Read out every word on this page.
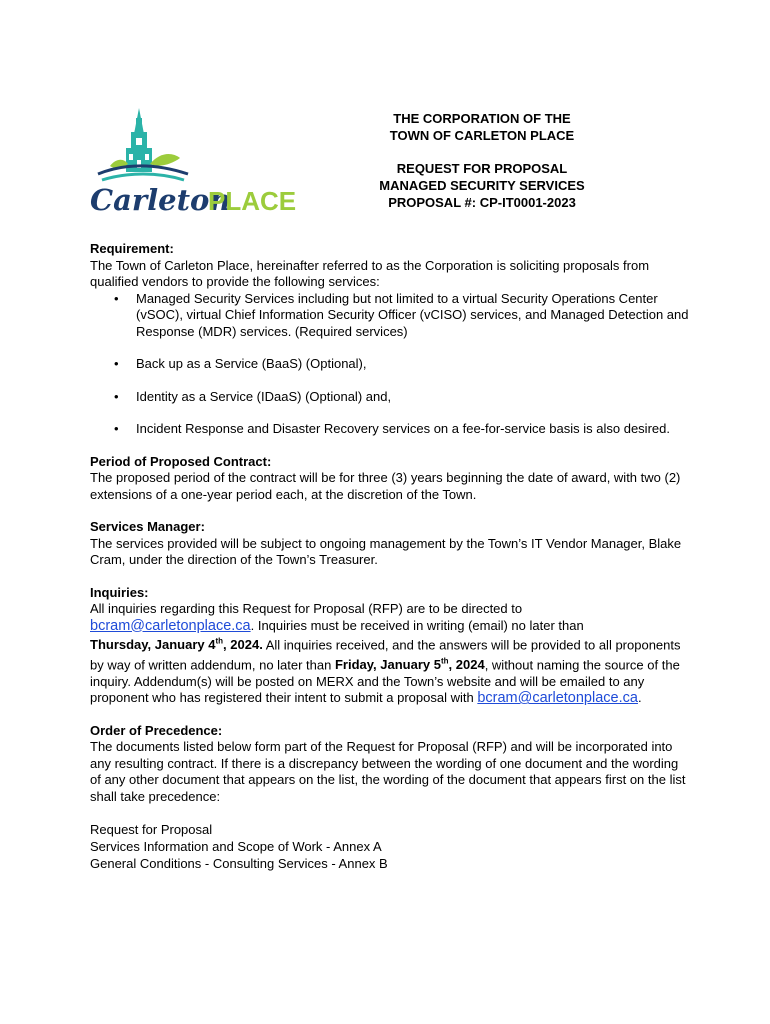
Carleton
PLACE
THE CORPORATION OF THE
TOWN OF CARLETON PLACE
REQUEST FOR PROPOSAL
MANAGED SECURITY SERVICES
PROPOSAL #: CP-IT0001-2023

Requirement:

The Town of Carleton Place, hereinafter referred to as the Corporation is soliciting proposals from qualified vendors to provide the following services:

• Managed Security Services including but not limited to a virtual Security Operations Center (vSOC), virtual Chief Information Security Officer (vCISO) services, and Managed Detection and Response (MDR) services. (Required services)
• Back up as a Service (BaaS) (Optional),
• Identity as a Service (IDaaS) (Optional) and,
• Incident Response and Disaster Recovery services on a fee-for-service basis is also desired.

Period of Proposed Contract:

The proposed period of the contract will be for three (3) years beginning the date of award, with two (2) extensions of a one-year period each, at the discretion of the Town.

Services Manager:

The services provided will be subject to ongoing management by the Town’s IT Vendor Manager, Blake Cram, under the direction of the Town’s Treasurer.

Inquiries:

All inquiries regarding this Request for Proposal (RFP) are to be directed to
bcram@carletonplace.ca. Inquiries must be received in writing (email) no later than
Thursday, January 4th, 2024. All inquiries received, and the answers will be provided to all proponents by way of written addendum, no later than Friday, January 5th, 2024, without naming the source of the inquiry. Addendum(s) will be posted on MERX and the Town’s website and will be emailed to any proponent who has registered their intent to submit a proposal with bcram@carletonplace.ca.

Order of Precedence:

The documents listed below form part of the Request for Proposal (RFP) and will be incorporated into any resulting contract. If there is a discrepancy between the wording of one document and the wording of any other document that appears on the list, the wording of the document that appears first on the list shall take precedence:

Request for Proposal

Services Information and Scope of Work - Annex A

General Conditions - Consulting Services - Annex B
